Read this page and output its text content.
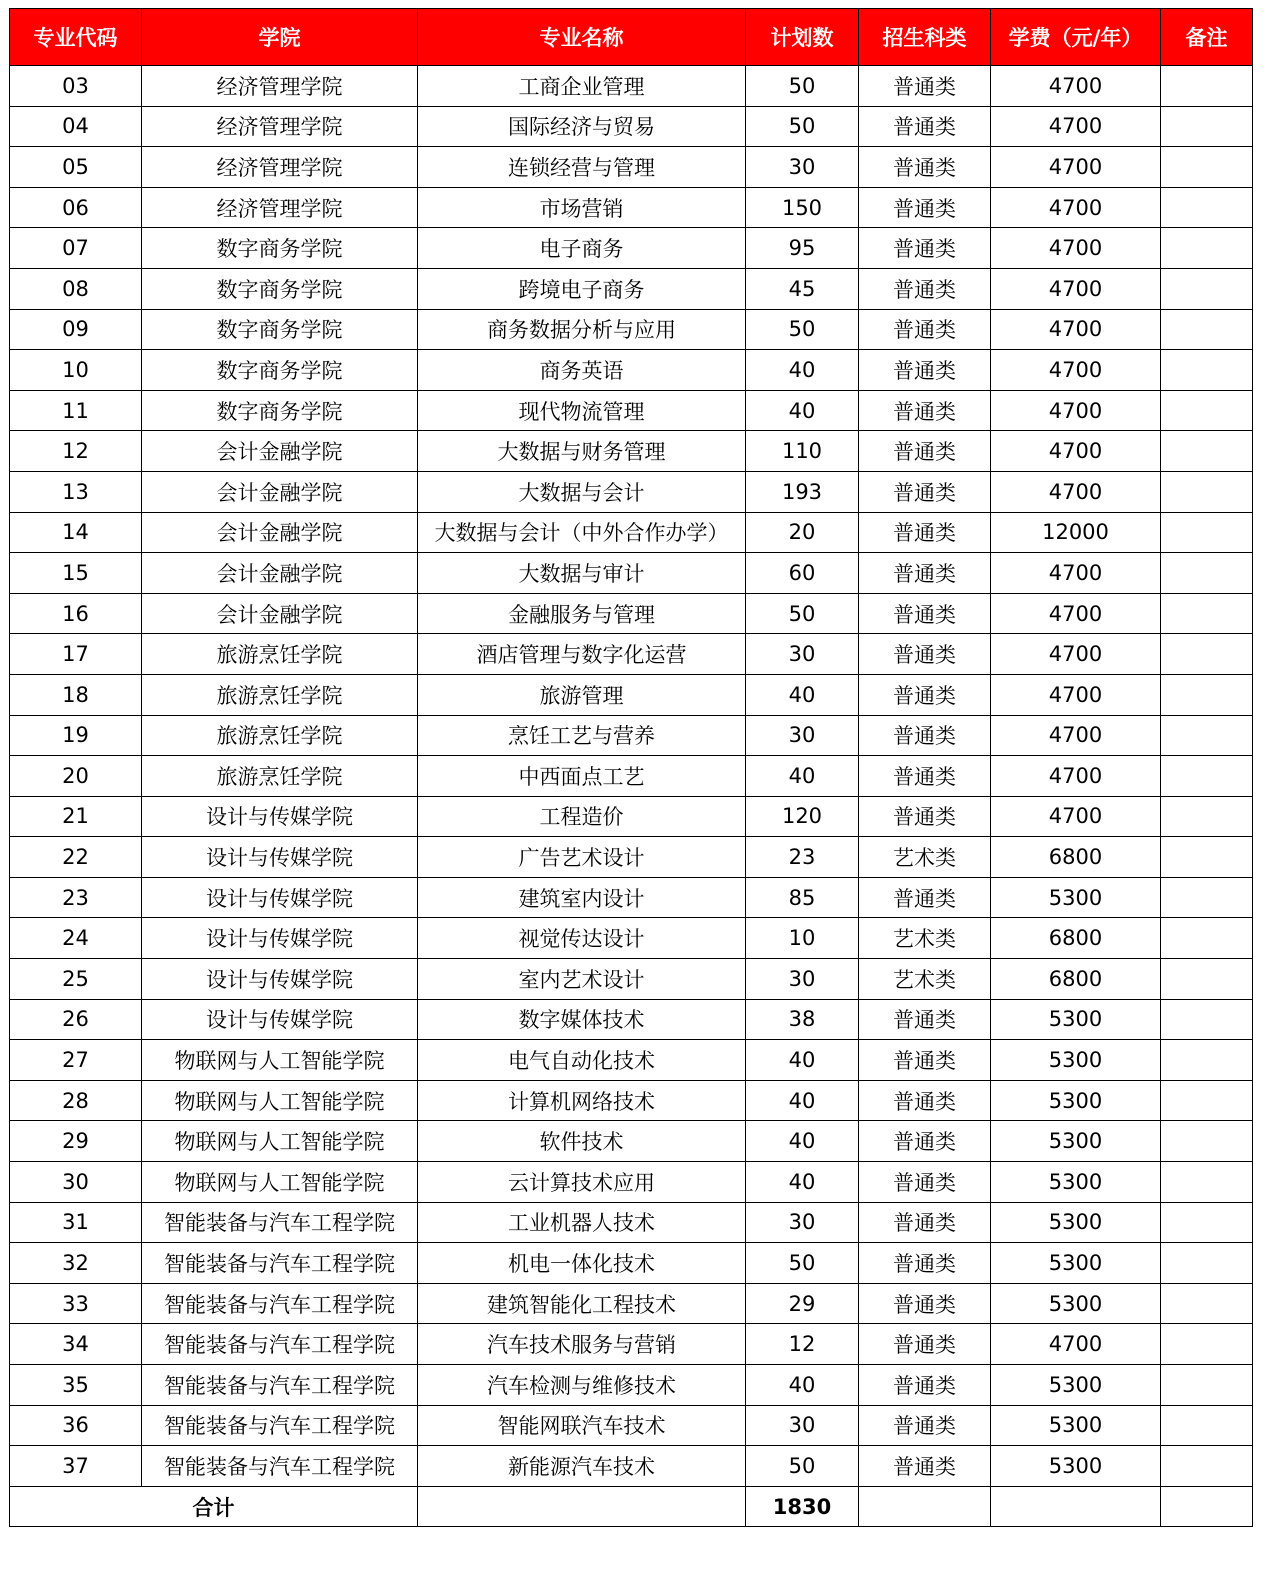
专业代码	学院	专业名称	计划数	招生科类	学费（元/年）	备注
03	经济管理学院	工商企业管理	50	普通类	4700	
04	经济管理学院	国际经济与贸易	50	普通类	4700	
05	经济管理学院	连锁经营与管理	30	普通类	4700	
06	经济管理学院	市场营销	150	普通类	4700	
07	数字商务学院	电子商务	95	普通类	4700	
08	数字商务学院	跨境电子商务	45	普通类	4700	
09	数字商务学院	商务数据分析与应用	50	普通类	4700	
10	数字商务学院	商务英语	40	普通类	4700	
11	数字商务学院	现代物流管理	40	普通类	4700	
12	会计金融学院	大数据与财务管理	110	普通类	4700	
13	会计金融学院	大数据与会计	193	普通类	4700	
14	会计金融学院	大数据与会计（中外合作办学）	20	普通类	12000	
15	会计金融学院	大数据与审计	60	普通类	4700	
16	会计金融学院	金融服务与管理	50	普通类	4700	
17	旅游烹饪学院	酒店管理与数字化运营	30	普通类	4700	
18	旅游烹饪学院	旅游管理	40	普通类	4700	
19	旅游烹饪学院	烹饪工艺与营养	30	普通类	4700	
20	旅游烹饪学院	中西面点工艺	40	普通类	4700	
21	设计与传媒学院	工程造价	120	普通类	4700	
22	设计与传媒学院	广告艺术设计	23	艺术类	6800	
23	设计与传媒学院	建筑室内设计	85	普通类	5300	
24	设计与传媒学院	视觉传达设计	10	艺术类	6800	
25	设计与传媒学院	室内艺术设计	30	艺术类	6800	
26	设计与传媒学院	数字媒体技术	38	普通类	5300	
27	物联网与人工智能学院	电气自动化技术	40	普通类	5300	
28	物联网与人工智能学院	计算机网络技术	40	普通类	5300	
29	物联网与人工智能学院	软件技术	40	普通类	5300	
30	物联网与人工智能学院	云计算技术应用	40	普通类	5300	
31	智能装备与汽车工程学院	工业机器人技术	30	普通类	5300	
32	智能装备与汽车工程学院	机电一体化技术	50	普通类	5300	
33	智能装备与汽车工程学院	建筑智能化工程技术	29	普通类	5300	
34	智能装备与汽车工程学院	汽车技术服务与营销	12	普通类	4700	
35	智能装备与汽车工程学院	汽车检测与维修技术	40	普通类	5300	
36	智能装备与汽车工程学院	智能网联汽车技术	30	普通类	5300	
37	智能装备与汽车工程学院	新能源汽车技术	50	普通类	5300	
合计			1830			
